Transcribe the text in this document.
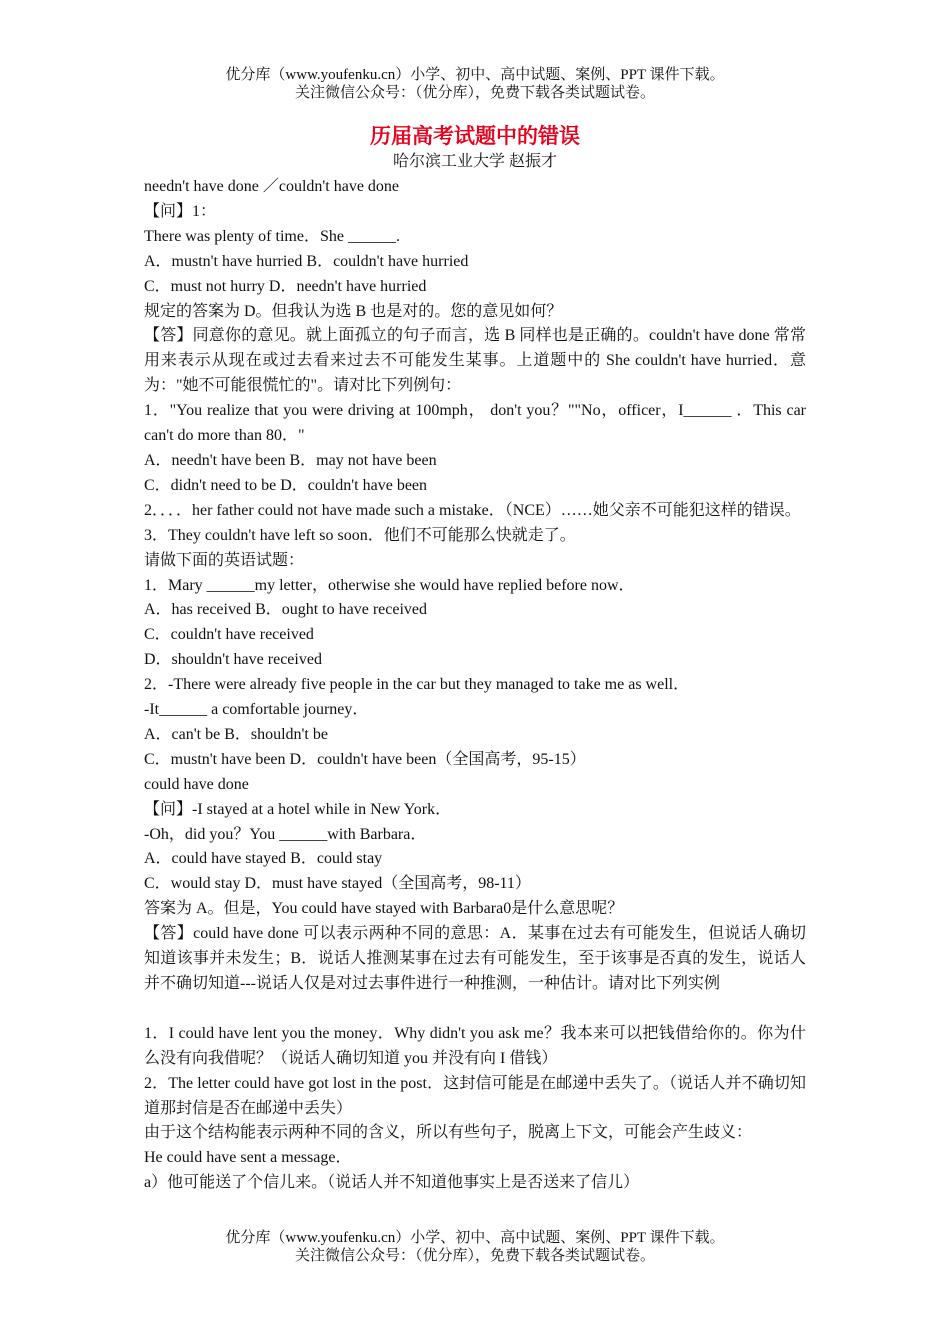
优分库（www.youfenku.cn）小学、初中、高中试题、案例、PPT 课件下载。
关注微信公众号：（优分库），免费下载各类试题试卷。
历届高考试题中的错误
哈尔滨工业大学 赵振才

needn't have done ／couldn't have done

【问】1：

There was plenty of time．She ______.

A．mustn't have hurried B．couldn't have hurried

C．must not hurry D．needn't have hurried

规定的答案为 D。但我认为选 B 也是对的。您的意见如何？

【答】同意你的意见。就上面孤立的句子而言，选 B 同样也是正确的。couldn't have done 常常用来表示从现在或过去看来过去不可能发生某事。上道题中的 She couldn't have hurried．意为："她不可能很慌忙的"。请对比下列例句：

1．"You realize that you were driving at 100mph， don't you？""No，officer，I______ ．This car can't do more than 80．"

A．needn't have been B．may not have been

C．didn't need to be D．couldn't have been

2．．．．her father could not have made such a mistake．（NCE）……她父亲不可能犯这样的错误。

3．They couldn't have left so soon．他们不可能那么快就走了。

请做下面的英语试题：

1．Mary ______my letter，otherwise she would have replied before now．

A．has received B．ought to have received

C．couldn't have received

D．shouldn't have received

2．-There were already five people in the car but they managed to take me as well．

-It______ a comfortable journey．

A．can't be B．shouldn't be

C．mustn't have been D．couldn't have been（全国高考，95-15）

could have done

【问】-I stayed at a hotel while in New York．

-Oh，did you？You ______with Barbara．

A．could have stayed B．could stay

C．would stay D．must have stayed（全国高考，98-11）

答案为 A。但是，You could have stayed with Barbara0是什么意思呢？

【答】could have done 可以表示两种不同的意思：A．某事在过去有可能发生，但说话人确切知道该事并未发生；B．说话人推测某事在过去有可能发生，至于该事是否真的发生，说话人并不确切知道---说话人仅是对过去事件进行一种推测，一种估计。请对比下列实例

1．I could have lent you the money．Why didn't you ask me？我本来可以把钱借给你的。你为什么没有向我借呢？（说话人确切知道 you 并没有向 I 借钱）

2．The letter could have got lost in the post．这封信可能是在邮递中丢失了。（说话人并不确切知道那封信是否在邮递中丢失）

由于这个结构能表示两种不同的含义，所以有些句子，脱离上下文，可能会产生歧义：

He could have sent a message．

a）他可能送了个信儿来。（说话人并不知道他事实上是否送来了信儿）

优分库（www.youfenku.cn）小学、初中、高中试题、案例、PPT 课件下载。
关注微信公众号：（优分库），免费下载各类试题试卷。
